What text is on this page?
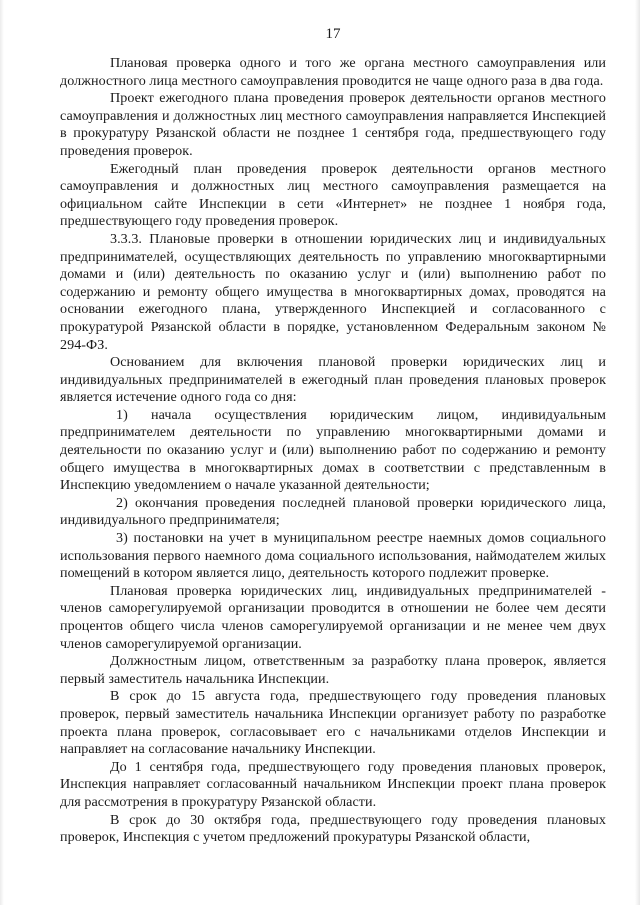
17

Плановая проверка одного и того же органа местного самоуправления или должностного лица местного самоуправления проводится не чаще одного раза в два года.

Проект ежегодного плана проведения проверок деятельности органов местного самоуправления и должностных лиц местного самоуправления направляется Инспекцией в прокуратуру Рязанской области не позднее 1 сентября года, предшествующего году проведения проверок.

Ежегодный план проведения проверок деятельности органов местного самоуправления и должностных лиц местного самоуправления размещается на официальном сайте Инспекции в сети «Интернет» не позднее 1 ноября года, предшествующего году проведения проверок.

3.3.3. Плановые проверки в отношении юридических лиц и индивидуальных предпринимателей, осуществляющих деятельность по управлению многоквартирными домами и (или) деятельность по оказанию услуг и (или) выполнению работ по содержанию и ремонту общего имущества в многоквартирных домах, проводятся на основании ежегодного плана, утвержденного Инспекцией и согласованного с прокуратурой Рязанской области в порядке, установленном Федеральным законом № 294-ФЗ.

Основанием для включения плановой проверки юридических лиц и индивидуальных предпринимателей в ежегодный план проведения плановых проверок является истечение одного года со дня:

1) начала осуществления юридическим лицом, индивидуальным предпринимателем деятельности по управлению многоквартирными домами и деятельности по оказанию услуг и (или) выполнению работ по содержанию и ремонту общего имущества в многоквартирных домах в соответствии с представленным в Инспекцию уведомлением о начале указанной деятельности;

2) окончания проведения последней плановой проверки юридического лица, индивидуального предпринимателя;

3) постановки на учет в муниципальном реестре наемных домов социального использования первого наемного дома социального использования, наймодателем жилых помещений в котором является лицо, деятельность которого подлежит проверке.

Плановая проверка юридических лиц, индивидуальных предпринимателей - членов саморегулируемой организации проводится в отношении не более чем десяти процентов общего числа членов саморегулируемой организации и не менее чем двух членов саморегулируемой организации.

Должностным лицом, ответственным за разработку плана проверок, является первый заместитель начальника Инспекции.

В срок до 15 августа года, предшествующего году проведения плановых проверок, первый заместитель начальника Инспекции организует работу по разработке проекта плана проверок, согласовывает его с начальниками отделов Инспекции и направляет на согласование начальнику Инспекции.

До 1 сентября года, предшествующего году проведения плановых проверок, Инспекция направляет согласованный начальником Инспекции проект плана проверок для рассмотрения в прокуратуру Рязанской области.

В срок до 30 октября года, предшествующего году проведения плановых проверок, Инспекция с учетом предложений прокуратуры Рязанской области,
